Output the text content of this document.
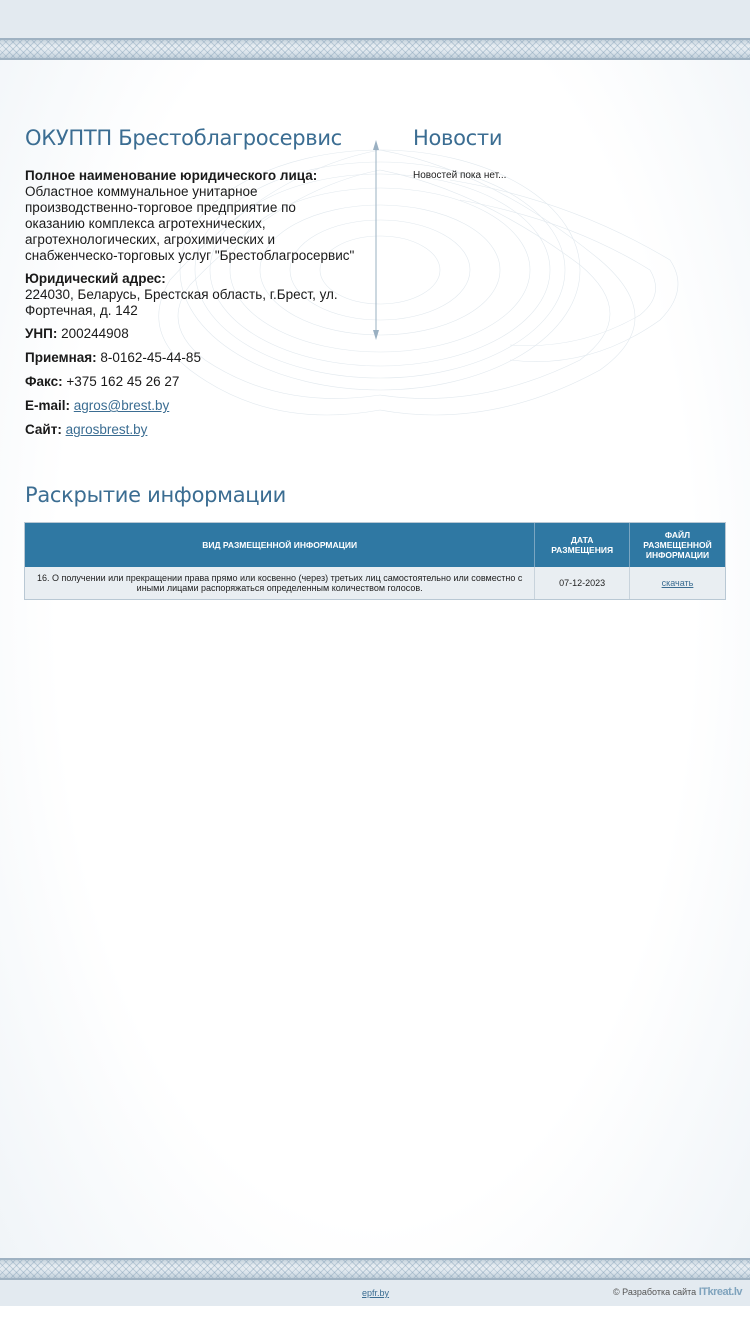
ОКУПТП Брестоблагросервис
Полное наименование юридического лица:
Областное коммунальное унитарное производственно-торговое предприятие по оказанию комплекса агротехнических, агротехнологических, агрохимических и снабженческо-торговых услуг "Брестоблагросервис"
Юридический адрес:
224030, Беларусь, Брестская область, г.Брест, ул. Фортечная, д. 142
УНП: 200244908
Приемная: 8-0162-45-44-85
Факс: +375 162 45 26 27
E-mail: agros@brest.by
Сайт: agrosbrest.by
Новости
Новостей пока нет...
Раскрытие информации
ВИД РАЗМЕЩЕННОЙ ИНФОРМАЦИИ	ДАТА РАЗМЕЩЕНИЯ	ФАЙЛ РАЗМЕЩЕННОЙ ИНФОРМАЦИИ
16. О получении или прекращении права прямо или косвенно (через) третьих лиц самостоятельно или совместно с иными лицами распоряжаться определенным количеством голосов.	07-12-2023	скачать
epfr.by	© Разработка сайта ITkreat.lv
